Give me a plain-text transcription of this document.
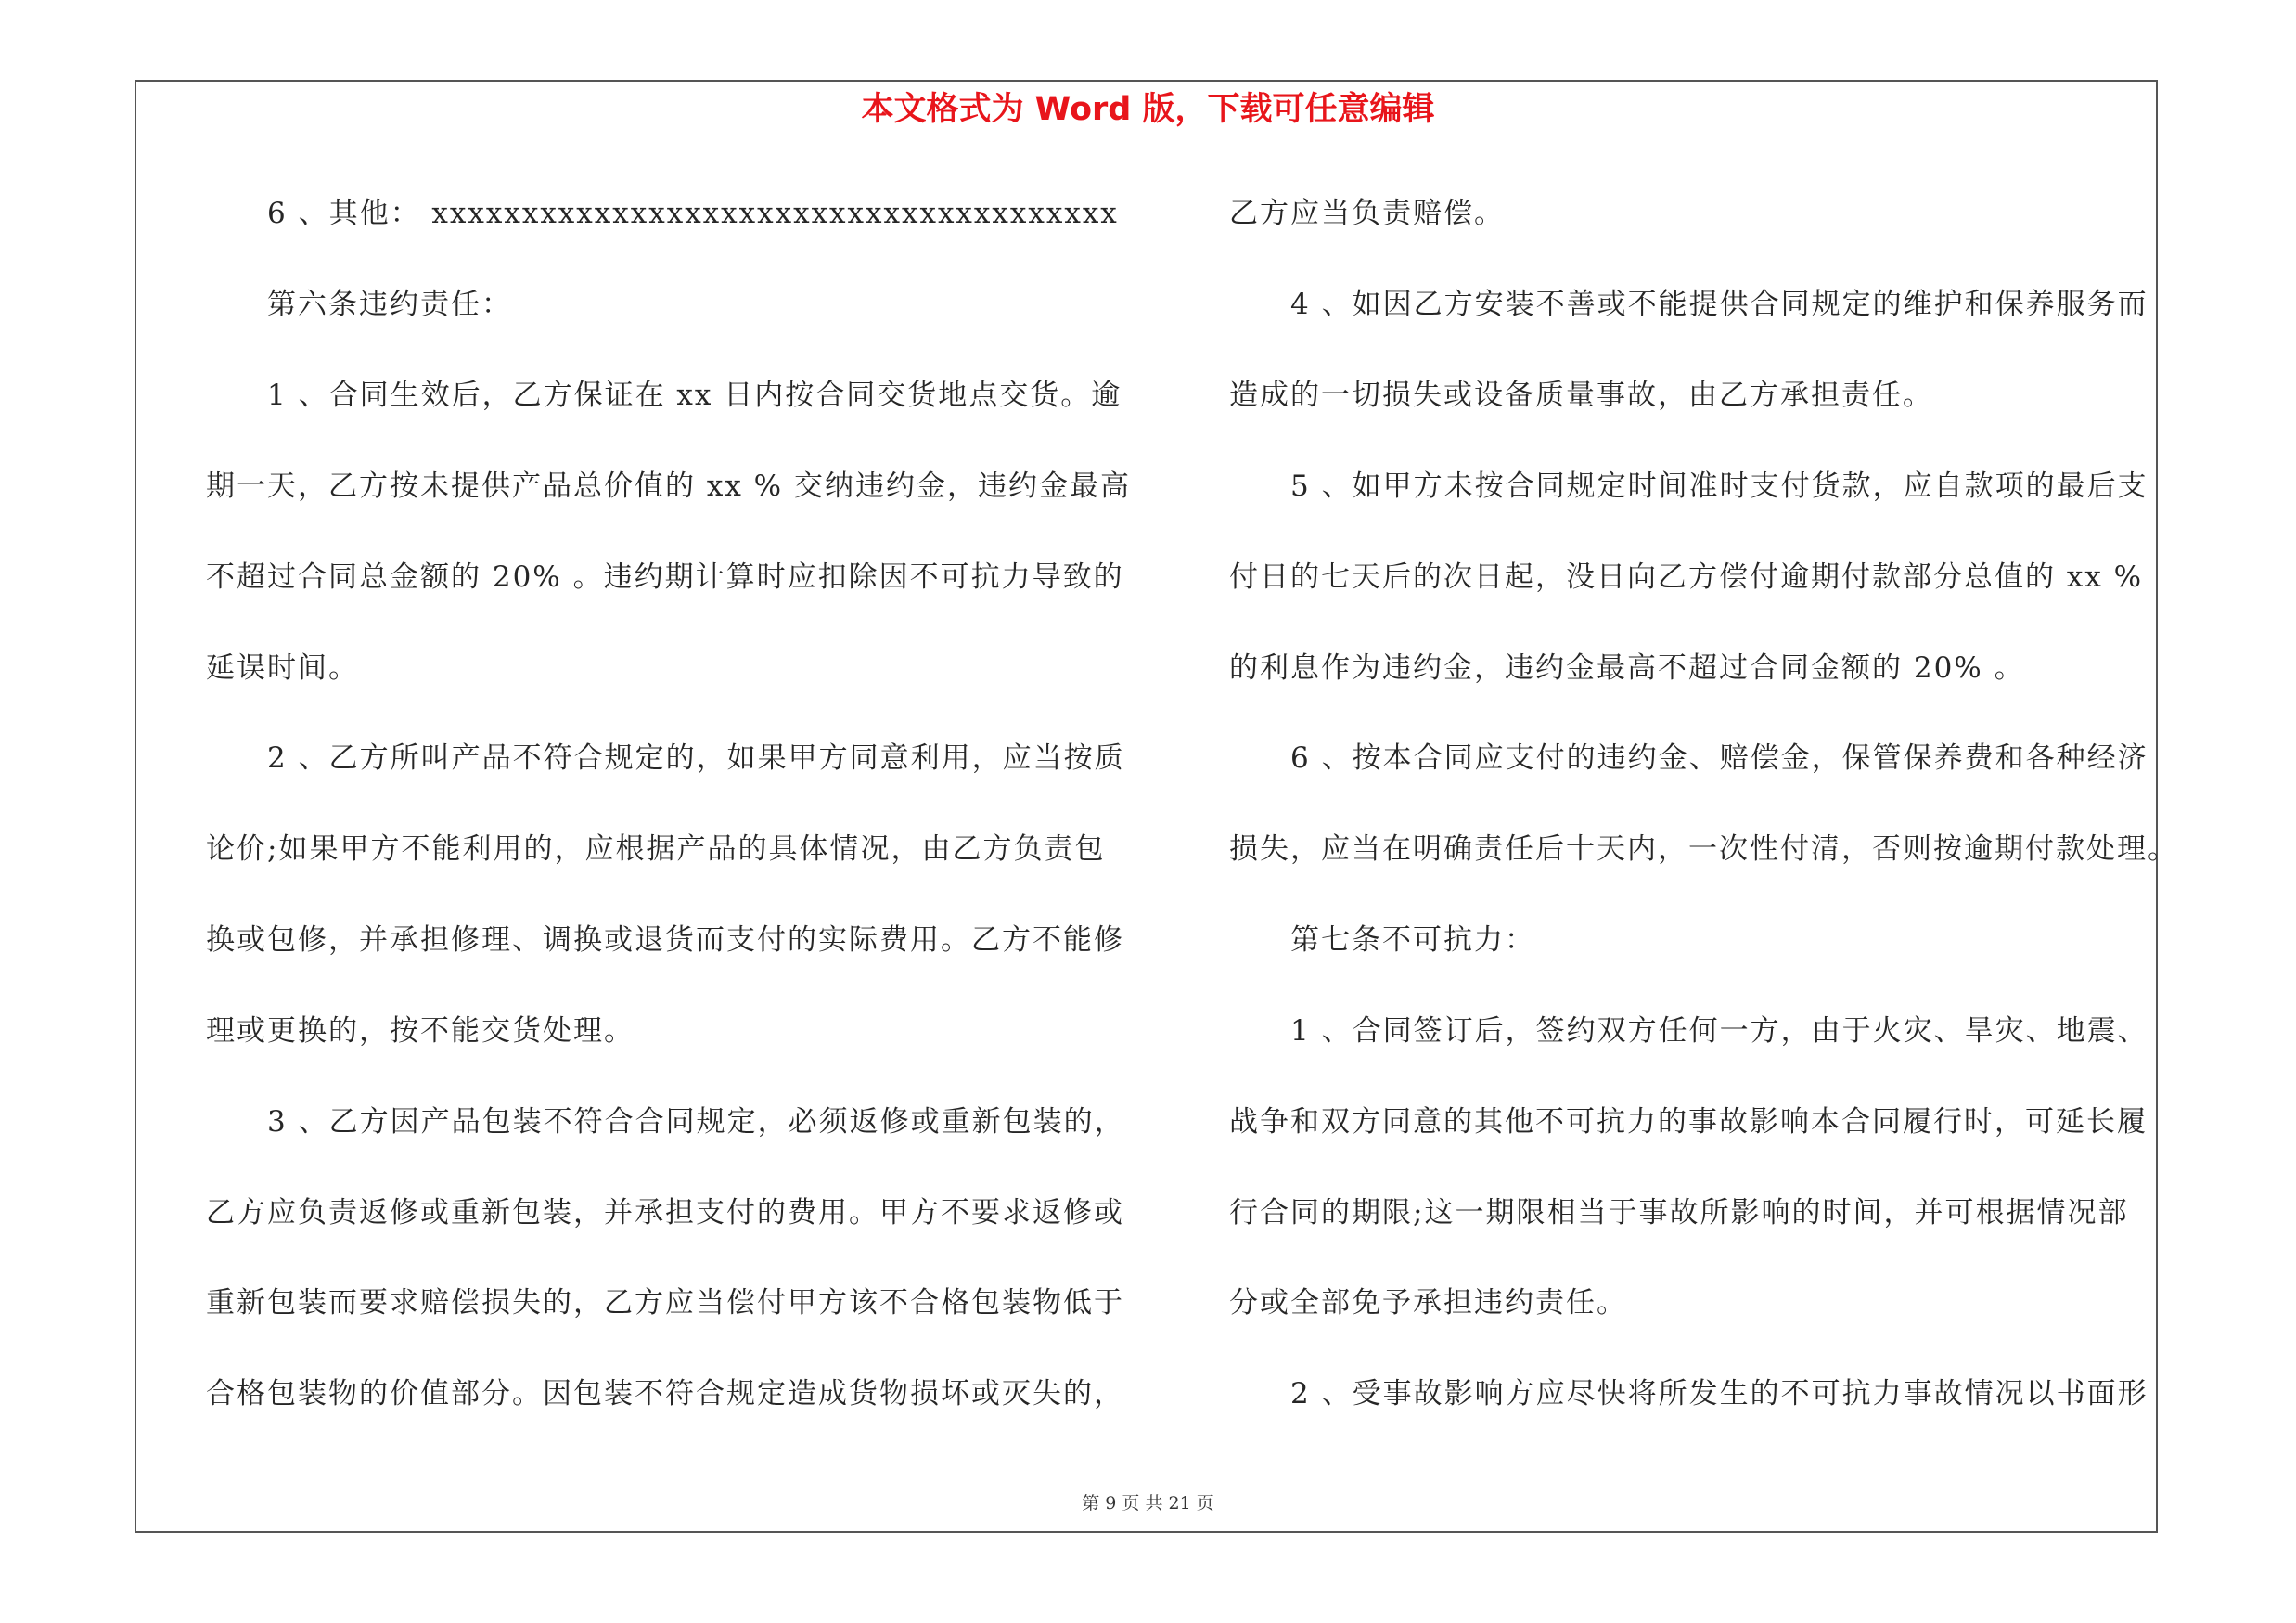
本文格式为 Word 版，下载可任意编辑
6 、其他： xxxxxxxxxxxxxxxxxxxxxxxxxxxxxxxxxxxxxx
第六条违约责任：
1 、合同生效后，乙方保证在 xx 日内按合同交货地点交货。逾
期一天，乙方按未提供产品总价值的 xx % 交纳违约金，违约金最高
不超过合同总金额的 20% 。违约期计算时应扣除因不可抗力导致的
延误时间。
2 、乙方所叫产品不符合规定的，如果甲方同意利用，应当按质
论价;如果甲方不能利用的，应根据产品的具体情况，由乙方负责包
换或包修，并承担修理、调换或退货而支付的实际费用。乙方不能修
理或更换的，按不能交货处理。
3 、乙方因产品包装不符合合同规定，必须返修或重新包装的，
乙方应负责返修或重新包装，并承担支付的费用。甲方不要求返修或
重新包装而要求赔偿损失的，乙方应当偿付甲方该不合格包装物低于
合格包装物的价值部分。因包装不符合规定造成货物损坏或灭失的，
乙方应当负责赔偿。
4 、如因乙方安装不善或不能提供合同规定的维护和保养服务而
造成的一切损失或设备质量事故，由乙方承担责任。
5 、如甲方未按合同规定时间准时支付货款，应自款项的最后支
付日的七天后的次日起，没日向乙方偿付逾期付款部分总值的 xx %
的利息作为违约金，违约金最高不超过合同金额的 20% 。
6 、按本合同应支付的违约金、赔偿金，保管保养费和各种经济
损失，应当在明确责任后十天内，一次性付清，否则按逾期付款处理。
第七条不可抗力：
1 、合同签订后，签约双方任何一方，由于火灾、旱灾、地震、
战争和双方同意的其他不可抗力的事故影响本合同履行时，可延长履
行合同的期限;这一期限相当于事故所影响的时间，并可根据情况部
分或全部免予承担违约责任。
2 、受事故影响方应尽快将所发生的不可抗力事故情况以书面形
第 9 页 共 21 页
